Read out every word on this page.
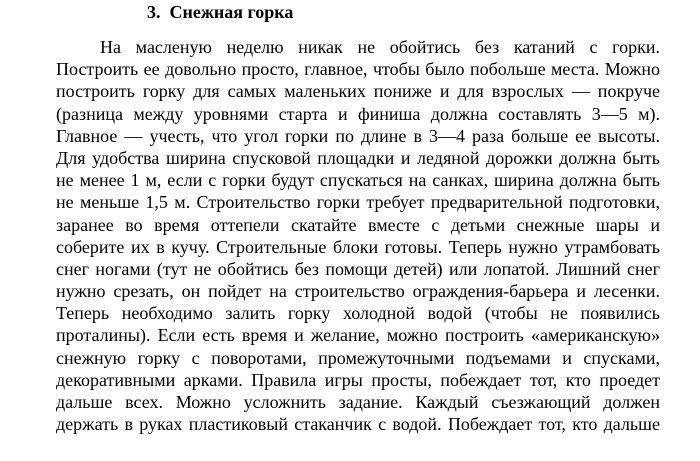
3. Снежная горка
На масленую неделю никак не обойтись без катаний с горки.
Построить ее довольно просто, главное, чтобы было побольше места. Можно
построить горку для самых маленьких пониже и для взрослых — покруче
(разница между уровнями старта и финиша должна составлять 3—5 м).
Главное — учесть, что угол горки по длине в 3—4 раза больше ее высоты.
Для удобства ширина спусковой площадки и ледяной дорожки должна быть
не менее 1 м, если с горки будут спускаться на санках, ширина должна быть
не меньше 1,5 м. Строительство горки требует предварительной подготовки,
заранее во время оттепели скатайте вместе с детьми снежные шары и
соберите их в кучу. Строительные блоки готовы. Теперь нужно утрамбовать
снег ногами (тут не обойтись без помощи детей) или лопатой. Лишний снег
нужно срезать, он пойдет на строительство ограждения-барьера и лесенки.
Теперь необходимо залить горку холодной водой (чтобы не появились
проталины). Если есть время и желание, можно построить «американскую»
снежную горку с поворотами, промежуточными подъемами и спусками,
декоративными арками. Правила игры просты, побеждает тот, кто проедет
дальше всех. Можно усложнить задание. Каждый съезжающий должен
держать в руках пластиковый стаканчик с водой. Побеждает тот, кто дальше
